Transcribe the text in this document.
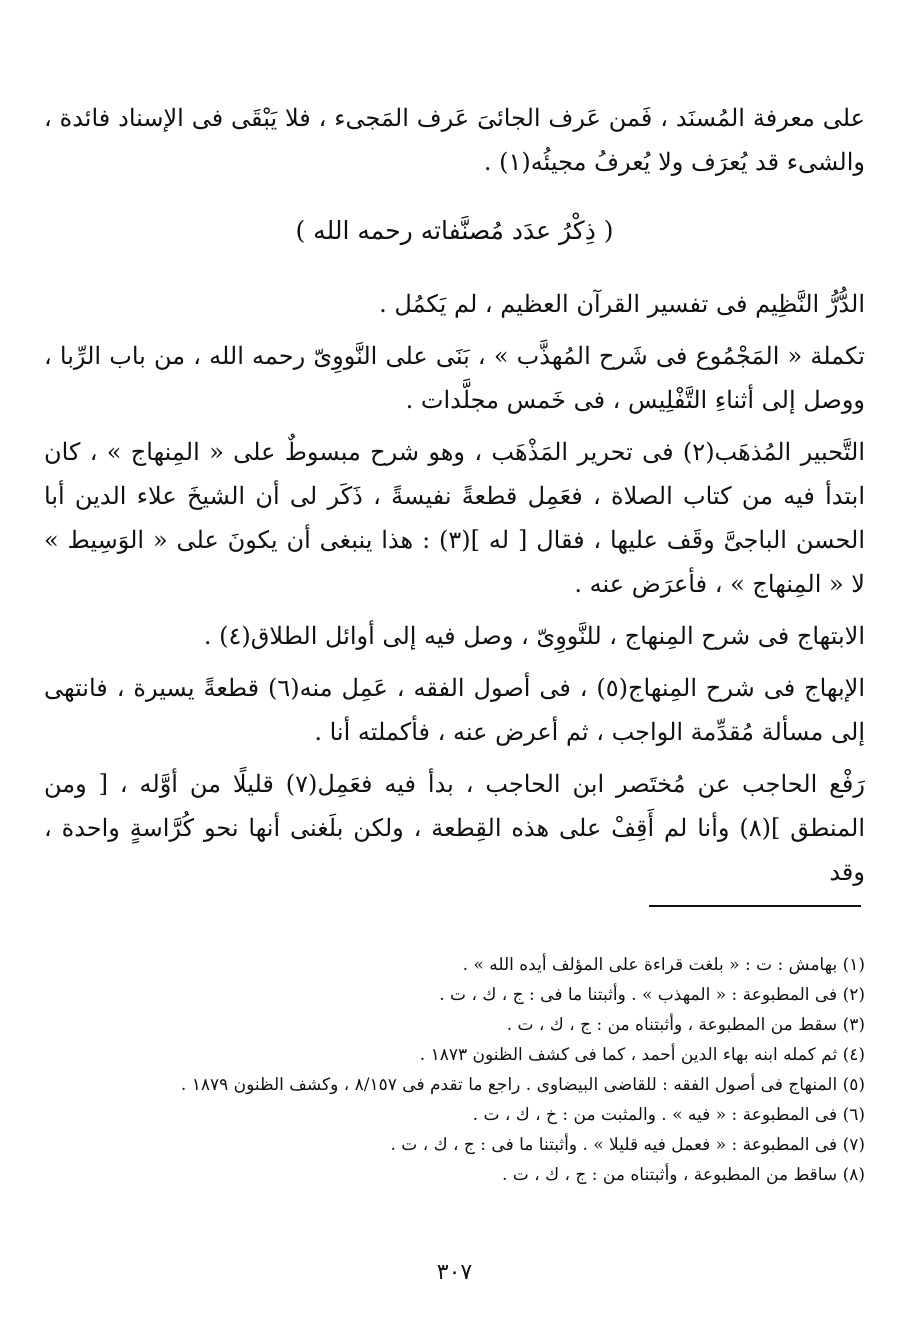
على معرفة المُسنَد ، فَمن عَرف الجائىَ عَرف المَجىء ، فلا يَبْقَى فى الإسناد فائدة ، والشىء قد يُعرَف ولا يُعرفُ مجيئُه(١) .

( ذِكْرُ عدَد مُصنَّفاته رحمه الله )

الدُّرُّ النَّظِيم فى تفسير القرآن العظيم ، لم يَكمُل .

تكملة « المَجْمُوع فى شَرح المُهذَّب » ، بَنَى على النَّووِىّ رحمه الله ، من باب الرِّبا ، ووصل إلى أثناءِ التَّفْلِيس ، فى خَمس مجلَّدات .

التَّحبير المُذهَب(٢) فى تحرير المَذْهَب ، وهو شرح مبسوطٌ على « المِنهاج » ، كان ابتدأ فيه من كتاب الصلاة ، فعَمِل قطعةً نفيسةً ، ذَكَر لى أن الشيخَ علاء الدين أبا الحسن الباجىَّ وقَف عليها ، فقال [ له ](٣) : هذا ينبغى أن يكونَ على « الوَسِيط » لا « المِنهاج » ، فأعرَض عنه .

الابتهاج فى شرح المِنهاج ، للنَّووِىّ ، وصل فيه إلى أوائل الطلاق(٤) .

الإبهاج فى شرح المِنهاج(٥) ، فى أصول الفقه ، عَمِل منه(٦) قطعةً يسيرة ، فانتهى إلى مسألة مُقدِّمة الواجب ، ثم أعرض عنه ، فأكملته أنا .

رَفْع الحاجب عن مُختَصر ابن الحاجب ، بدأ فيه فعَمِل(٧) قليلًا من أوَّله ، [ ومن المنطق ](٨) وأنا لم أَقِفْ على هذه القِطعة ، ولكن بلَغنى أنها نحو كُرَّاسةٍ واحدة ، وقد

(١) بهامش : ت : « بلغت قراءة على المؤلف أيده الله » .
(٢) فى المطبوعة : « المهذب » . وأثبتنا ما فى : ج ، ك ، ت .
(٣) سقط من المطبوعة ، وأثبتناه من : ج ، ك ، ت .
(٤) ثم كمله ابنه بهاء الدين أحمد ، كما فى كشف الظنون ١٨٧٣ .
(٥) المنهاج فى أصول الفقه : للقاضى البيضاوى . راجع ما تقدم فى ٨/١٥٧ ، وكشف الظنون ١٨٧٩ .
(٦) فى المطبوعة : « فيه » . والمثبت من : خ ، ك ، ت .
(٧) فى المطبوعة : « فعمل فيه قليلا » . وأثبتنا ما فى : ج ، ك ، ت .
(٨) ساقط من المطبوعة ، وأثبتناه من : ج ، ك ، ت .
٣٠٧
